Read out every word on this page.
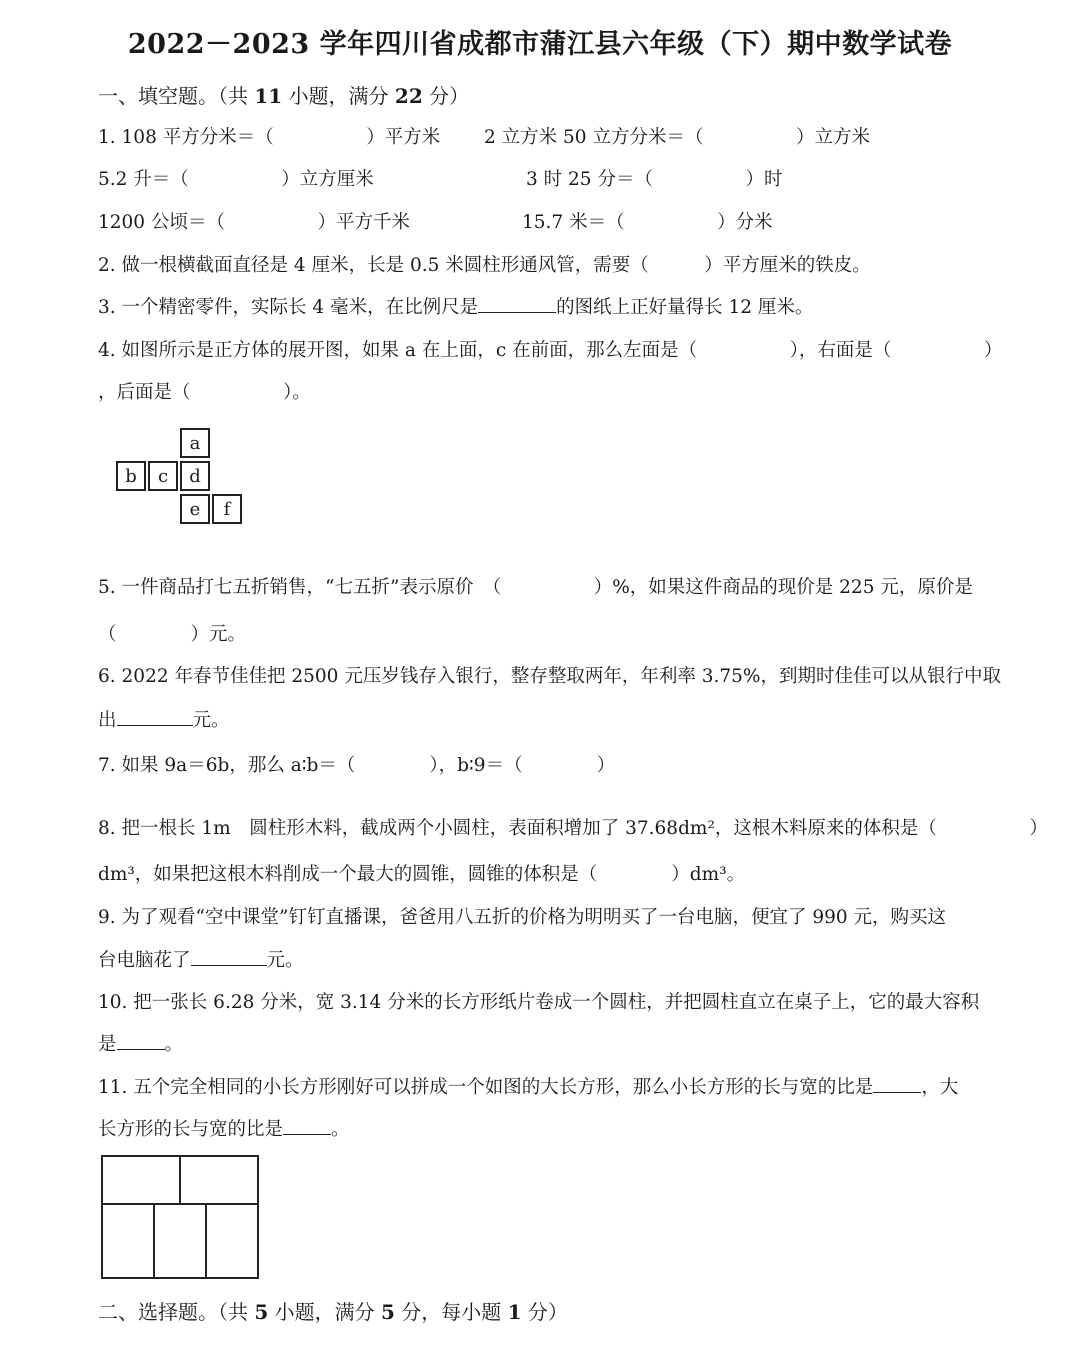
2022－2023 学年四川省成都市蒲江县六年级（下）期中数学试卷
一、填空题。（共 11 小题，满分 22 分）
1. 108 平方分米＝（　　　　　）平方米 2 立方米 50 立方分米＝（　　　　　）立方米
5.2 升＝（　　　　　）立方厘米	3 时 25 分＝（　　　　　）时
1200 公顷＝（　　　　　）平方千米	15.7 米＝（　　　　　）分米
2. 做一根横截面直径是 4 厘米，长是 0.5 米圆柱形通风管，需要（　　　）平方厘米的铁皮。
3. 一个精密零件，实际长 4 毫米，在比例尺是	的图纸上正好量得长 12 厘米。
4. 如图所示是正方体的展开图，如果 a 在上面，c 在前面，那么左面是（　　　　　），右面是（　　　　　）
，后面是（　　　　　）。
a
b	c	d
e	f
5. 一件商品打七五折销售，“七五折”表示原价　（　　　　　）%，如果这件商品的现价是 225 元，原价是
（　　　　）元。
6. 2022 年春节佳佳把 2500 元压岁钱存入银行，整存整取两年，年利率 3.75%，到期时佳佳可以从银行中取
出	元。
7. 如果 9a＝6b，那么 a∶b＝（　　　　），b∶9＝（　　　　）
8. 把一根长 1m　圆柱形木料，截成两个小圆柱，表面积增加了 37.68dm²，这根木料原来的体积是（　　　　　）
dm³，如果把这根木料削成一个最大的圆锥，圆锥的体积是（　　　　）dm³。
9. 为了观看“空中课堂”钉钉直播课，爸爸用八五折的价格为明明买了一台电脑，便宜了 990 元，购买这
台电脑花了	元。
10. 把一张长 6.28 分米，宽 3.14 分米的长方形纸片卷成一个圆柱，并把圆柱直立在桌子上，它的最大容积
是	。
11. 五个完全相同的小长方形刚好可以拼成一个如图的大长方形，那么小长方形的长与宽的比是	，大
长方形的长与宽的比是	。
二、选择题。（共 5 小题，满分 5 分，每小题 1 分）
